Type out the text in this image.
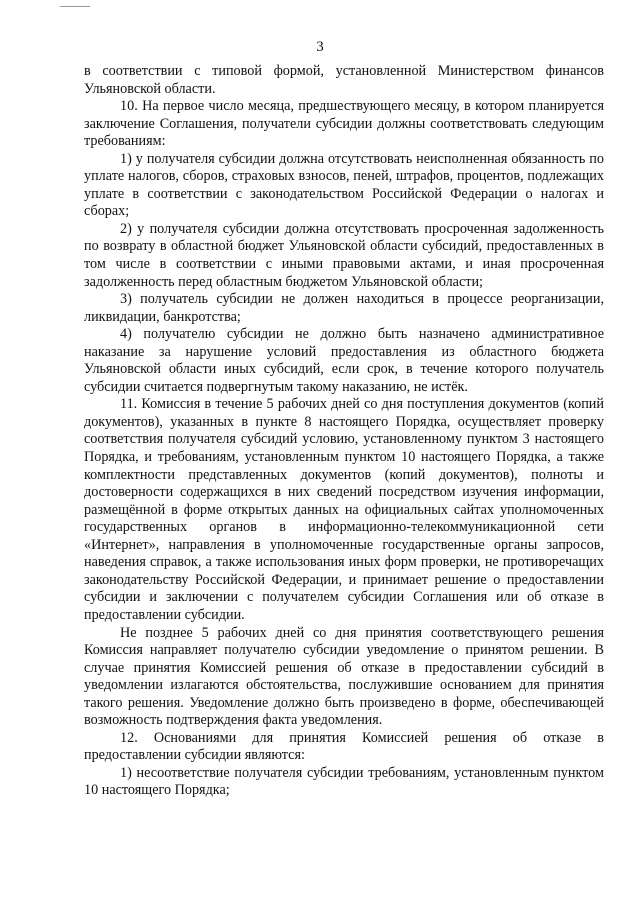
3

в соответствии с типовой формой, установленной Министерством финансов Ульяновской области.

10. На первое число месяца, предшествующего месяцу, в котором планируется заключение Соглашения, получатели субсидии должны соответствовать следующим требованиям:

1) у получателя субсидии должна отсутствовать неисполненная обязанность по уплате налогов, сборов, страховых взносов, пеней, штрафов, процентов, подлежащих уплате в соответствии с законодательством Российской Федерации о налогах и сборах;

2) у получателя субсидии должна отсутствовать просроченная задолженность по возврату в областной бюджет Ульяновской области субсидий, предоставленных в том числе в соответствии с иными правовыми актами, и иная просроченная задолженность перед областным бюджетом Ульяновской области;

3) получатель субсидии не должен находиться в процессе реорганизации, ликвидации, банкротства;

4) получателю субсидии не должно быть назначено административное наказание за нарушение условий предоставления из областного бюджета Ульяновской области иных субсидий, если срок, в течение которого получатель субсидии считается подвергнутым такому наказанию, не истёк.

11. Комиссия в течение 5 рабочих дней со дня поступления документов (копий документов), указанных в пункте 8 настоящего Порядка, осуществляет проверку соответствия получателя субсидий условию, установленному пунктом 3 настоящего Порядка, и требованиям, установленным пунктом 10 настоящего Порядка, а также комплектности представленных документов (копий документов), полноты и достоверности содержащихся в них сведений посредством изучения информации, размещённой в форме открытых данных на официальных сайтах уполномоченных государственных органов в информационно-телекоммуникационной сети «Интернет», направления в уполномоченные государственные органы запросов, наведения справок, а также использования иных форм проверки, не противоречащих законодательству Российской Федерации, и принимает решение о предоставлении субсидии и заключении с получателем субсидии Соглашения или об отказе в предоставлении субсидии.

Не позднее 5 рабочих дней со дня принятия соответствующего решения Комиссия направляет получателю субсидии уведомление о принятом решении. В случае принятия Комиссией решения об отказе в предоставлении субсидий в уведомлении излагаются обстоятельства, послужившие основанием для принятия такого решения. Уведомление должно быть произведено в форме, обеспечивающей возможность подтверждения факта уведомления.

12. Основаниями для принятия Комиссией решения об отказе в предоставлении субсидии являются:

1) несоответствие получателя субсидии требованиям, установленным пунктом 10 настоящего Порядка;
